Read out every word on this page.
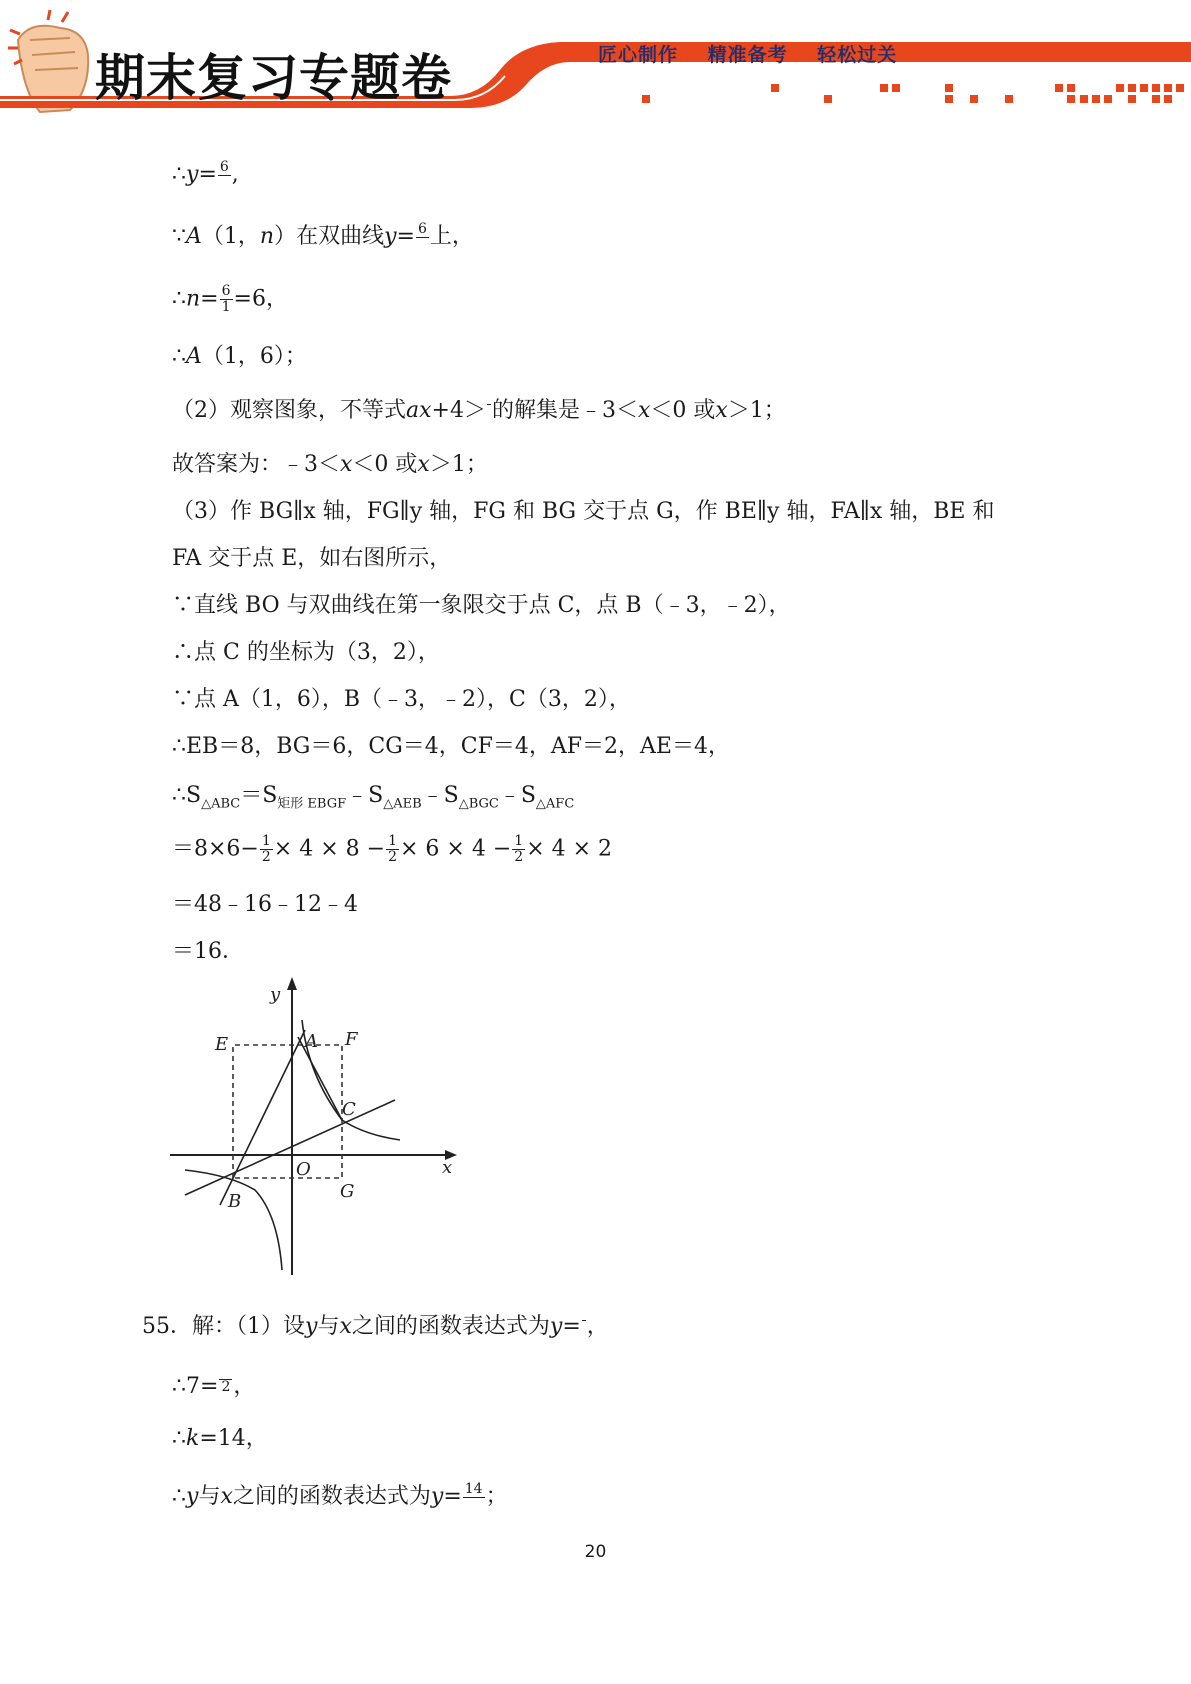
期末复习专题卷	匠心制作 精准备考 轻松过关
∴y= 6 ,
∵A（1，n）在双曲线y= 6 上，
∴n= $\frac{6}{1} =6$，
∴A（1，6）；
（2）观察图象，不等式ax+4＞ 的解集是﹣3＜x＜0 或x＞1；
故答案为：﹣3＜x＜0 或x＞1；
（3）作 BG∥x 轴，FG∥y 轴，FG 和 BG 交于点 G，作 BE∥y 轴，FA∥x 轴，BE 和
FA 交于点 E，如右图所示，
∵直线 BO 与双曲线在第一象限交于点 C，点 B（﹣3，﹣2），
∴点 C 的坐标为（3，2），
∵点 A（1，6），B（﹣3，﹣2），C（3，2），
∴EB＝8，BG＝6，CG＝4，CF＝4，AF＝2，AE＝4，
$\therefore S_{\triangle ABC}=S_{矩形 EBGF}﹣S_{\triangle AEB}﹣S_{\triangle BGC}﹣S_{\triangle AFC}$
$=8\times 6- \frac{1}{2} \times 4 \times 8 - \frac{1}{2} \times 6 \times 4 - \frac{1}{2} \times 4 \times 2$
＝48﹣16﹣12﹣4
＝16．
y
x
E	A F
C
O
G
B
55．解：（1）设y与x之间的函数表达式为y= ，
∴7= 2 ，
∴k=14，
∴y与x之间的函数表达式为y= 14 ；
20
